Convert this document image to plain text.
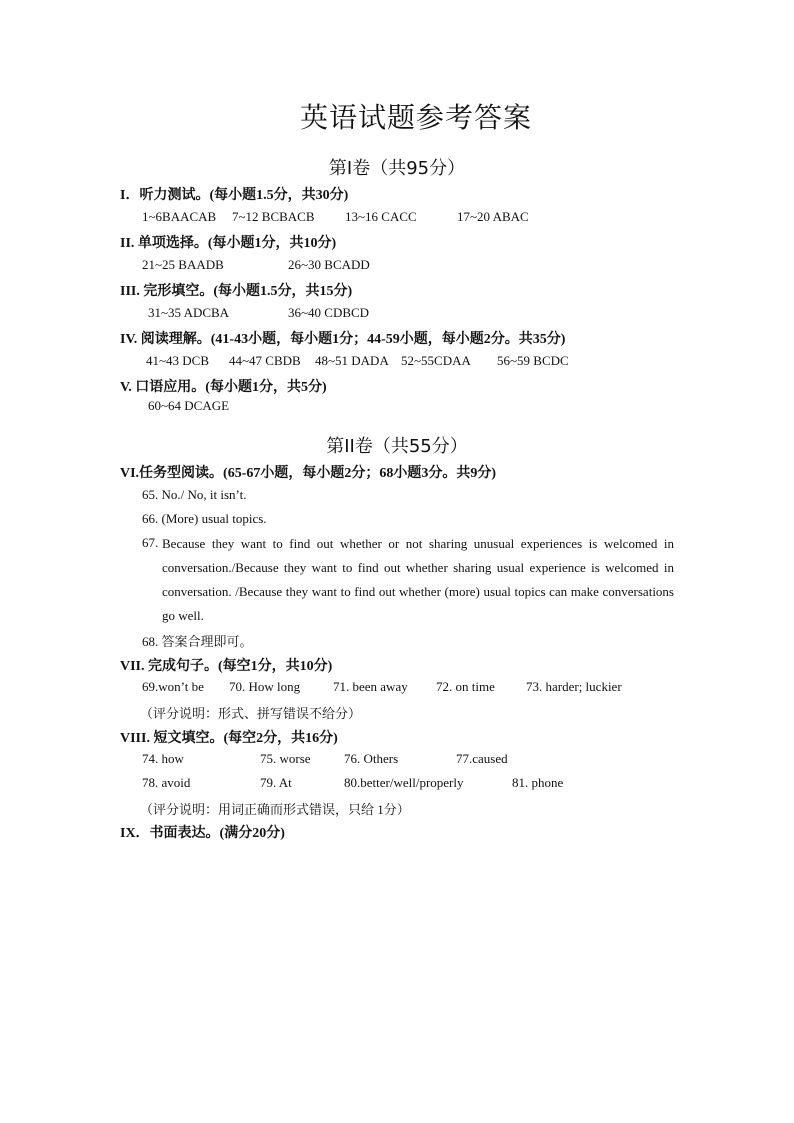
英语试题参考答案
第I卷（共95分）
I．听力测试。(每小题1.5分，共30分)
1~6BAACAB 7~12 BCBACB 13~16 CACC	17~20 ABAC
II. 单项选择。(每小题1分，共10分)
21~25 BAADB	26~30 BCADD
III. 完形填空。(每小题1.5分，共15分)
31~35 ADCBA	36~40 CDBCD
IV. 阅读理解。(41-43小题，每小题1分；44-59小题，每小题2分。共35分)
41~43 DCB 44~47 CBDB 48~51 DADA 52~55CDAA 56~59 BCDC
V. 口语应用。(每小题1分，共5分)
60~64 DCAGE
第II卷（共55分）
VI.任务型阅读。(65-67小题，每小题2分；68小题3分。共9分)
65. No./ No, it isn’t.
66. (More) usual topics.
67. Because they want to find out whether or not sharing unusual experiences is welcomed in conversation./Because they want to find out whether sharing usual experience is welcomed in conversation. /Because they want to find out whether (more) usual topics can make conversations go well.
68. 答案合理即可。
VII. 完成句子。(每空1分，共10分)
69.won’t be 70. How long	71. been away 72. on time 73. harder; luckier
（评分说明：形式、拼写错误不给分）
VIII. 短文填空。(每空2分，共16分)
74. how	75. worse	76. Others	77.caused
78. avoid	79. At	80.better/well/properly	81. phone
（评分说明：用词正确而形式错误，只给 1分）
IX．书面表达。(满分20分)
